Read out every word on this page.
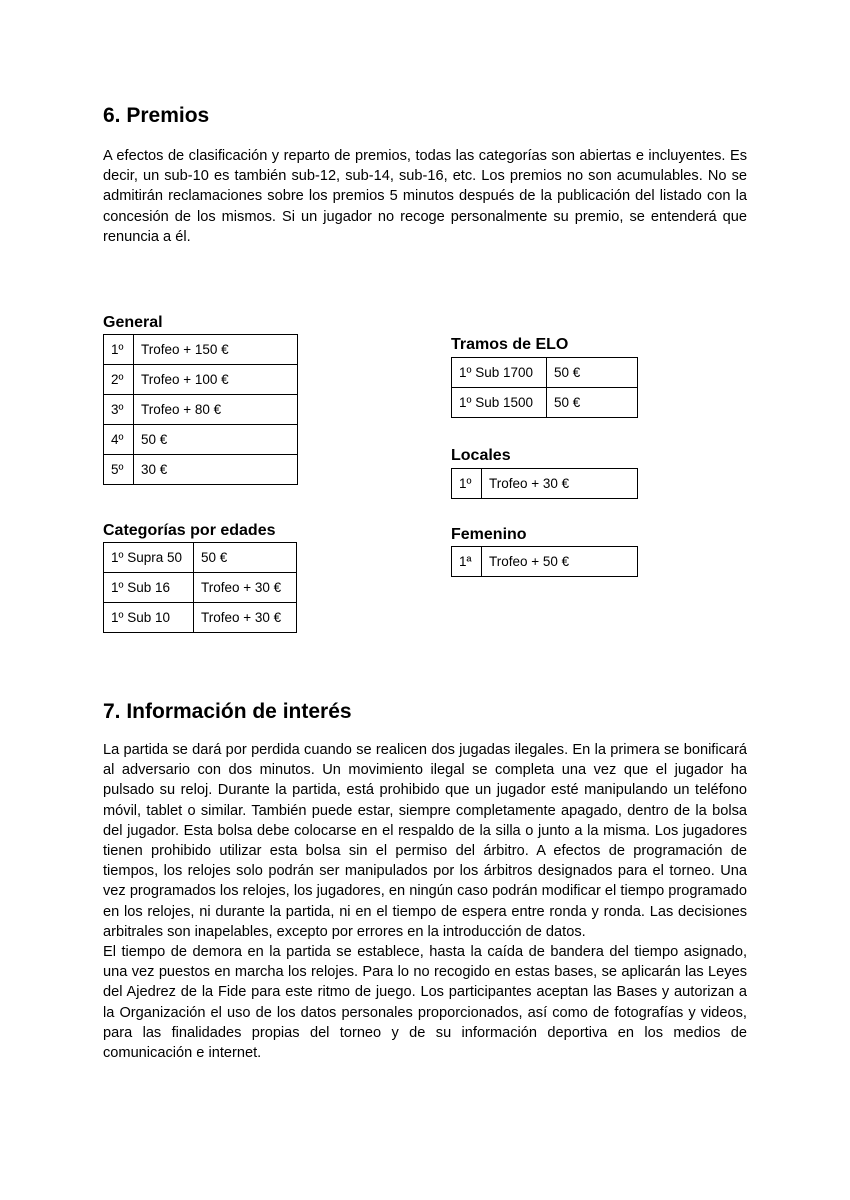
6. Premios

A efectos de clasificación y reparto de premios, todas las categorías son abiertas e incluyentes. Es decir, un sub-10 es también sub-12, sub-14, sub-16, etc. Los premios no son acumulables. No se admitirán reclamaciones sobre los premios 5 minutos después de la publicación del listado con la concesión de los mismos. Si un jugador no recoge personalmente su premio, se entenderá que renuncia a él.

General
1º	Trofeo + 150 €
2º	Trofeo + 100 €
3º	Trofeo + 80 €
4º	50 €
5º	30 €
Categorías por edades
1º Supra 50	50 €
1º Sub 16	Trofeo + 30 €
1º Sub 10	Trofeo + 30 €
Tramos de ELO
1º Sub 1700	50 €
1º Sub 1500	50 €
Locales
1º	Trofeo + 30 €
Femenino
1ª	Trofeo + 50 €
7. Información de interés

La partida se dará por perdida cuando se realicen dos jugadas ilegales. En la primera se bonificará al adversario con dos minutos. Un movimiento ilegal se completa una vez que el jugador ha pulsado su reloj. Durante la partida, está prohibido que un jugador esté manipulando un teléfono móvil, tablet o similar. También puede estar, siempre completamente apagado, dentro de la bolsa del jugador. Esta bolsa debe colocarse en el respaldo de la silla o junto a la misma. Los jugadores tienen prohibido utilizar esta bolsa sin el permiso del árbitro. A efectos de programación de tiempos, los relojes solo podrán ser manipulados por los árbitros designados para el torneo. Una vez programados los relojes, los jugadores, en ningún caso podrán modificar el tiempo programado en los relojes, ni durante la partida, ni en el tiempo de espera entre ronda y ronda. Las decisiones arbitrales son inapelables, excepto por errores en la introducción de datos.

El tiempo de demora en la partida se establece, hasta la caída de bandera del tiempo asignado, una vez puestos en marcha los relojes. Para lo no recogido en estas bases, se aplicarán las Leyes del Ajedrez de la Fide para este ritmo de juego. Los participantes aceptan las Bases y autorizan a la Organización el uso de los datos personales proporcionados, así como de fotografías y videos, para las finalidades propias del torneo y de su información deportiva en los medios de comunicación e internet.
